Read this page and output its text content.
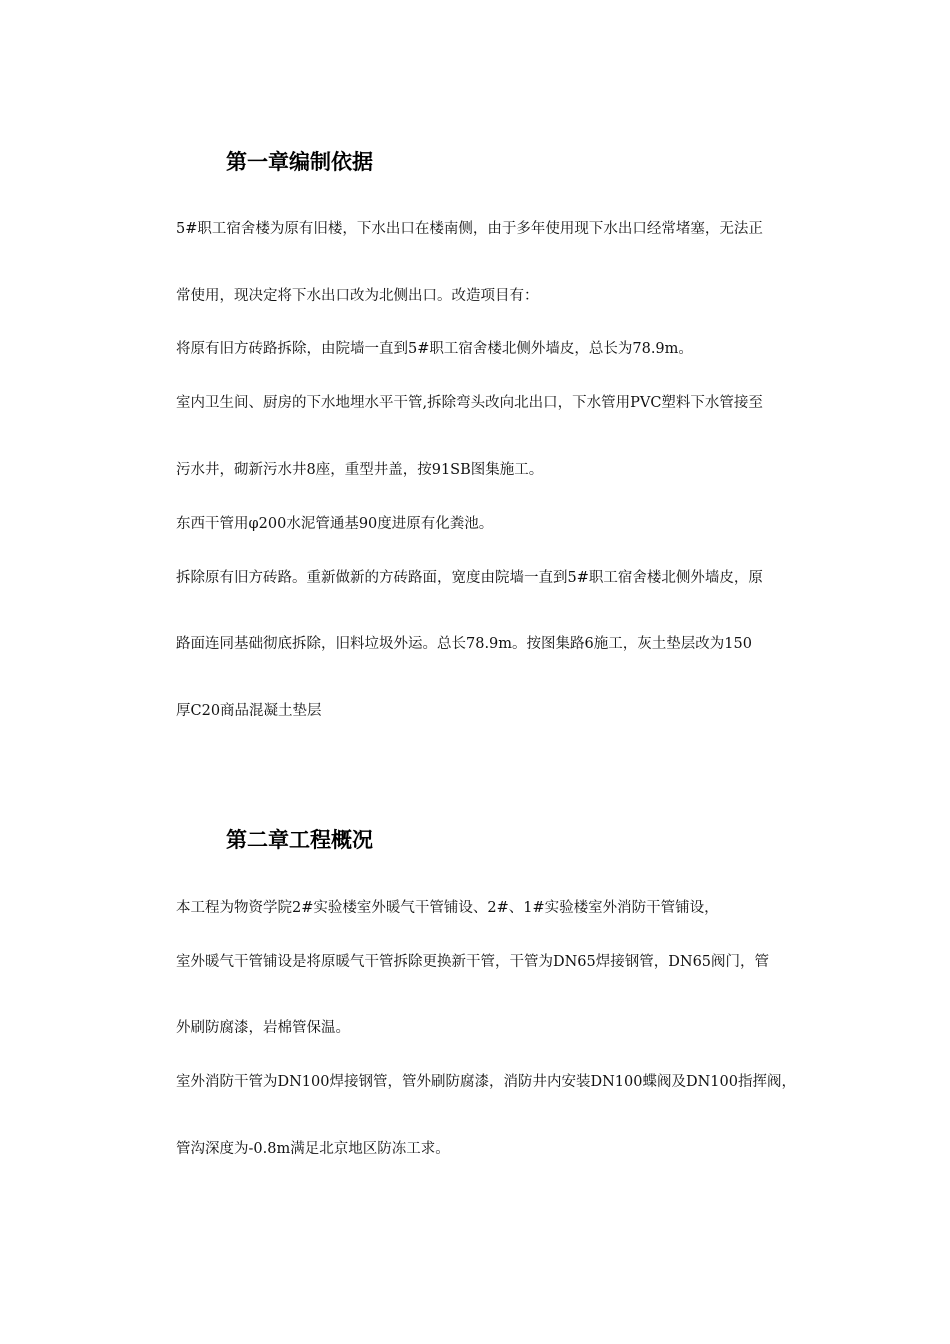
第一章编制依据
5#职工宿舍楼为原有旧楼，下水出口在楼南侧，由于多年使用现下水出口经常堵塞，无法正
常使用，现决定将下水出口改为北侧出口。改造项目有：
将原有旧方砖路拆除，由院墙一直到5#职工宿舍楼北侧外墙皮，总长为78.9m。
室内卫生间、厨房的下水地埋水平干管,拆除弯头改向北出口，下水管用PVC塑料下水管接至
污水井，砌新污水井8座，重型井盖，按91SB图集施工。
东西干管用φ200水泥管通基90度进原有化粪池。
拆除原有旧方砖路。重新做新的方砖路面，宽度由院墙一直到5#职工宿舍楼北侧外墙皮，原
路面连同基础彻底拆除，旧料垃圾外运。总长78.9m。按图集路6施工，灰土垫层改为150
厚C20商品混凝土垫层
第二章工程概况
本工程为物资学院2#实验楼室外暖气干管铺设、2#、1#实验楼室外消防干管铺设，
室外暖气干管铺设是将原暖气干管拆除更换新干管，干管为DN65焊接钢管，DN65阀门，管
外刷防腐漆，岩棉管保温。
室外消防干管为DN100焊接钢管，管外刷防腐漆，消防井内安装DN100蝶阀及DN100指挥阀，
管沟深度为-0.8m满足北京地区防冻工求。
